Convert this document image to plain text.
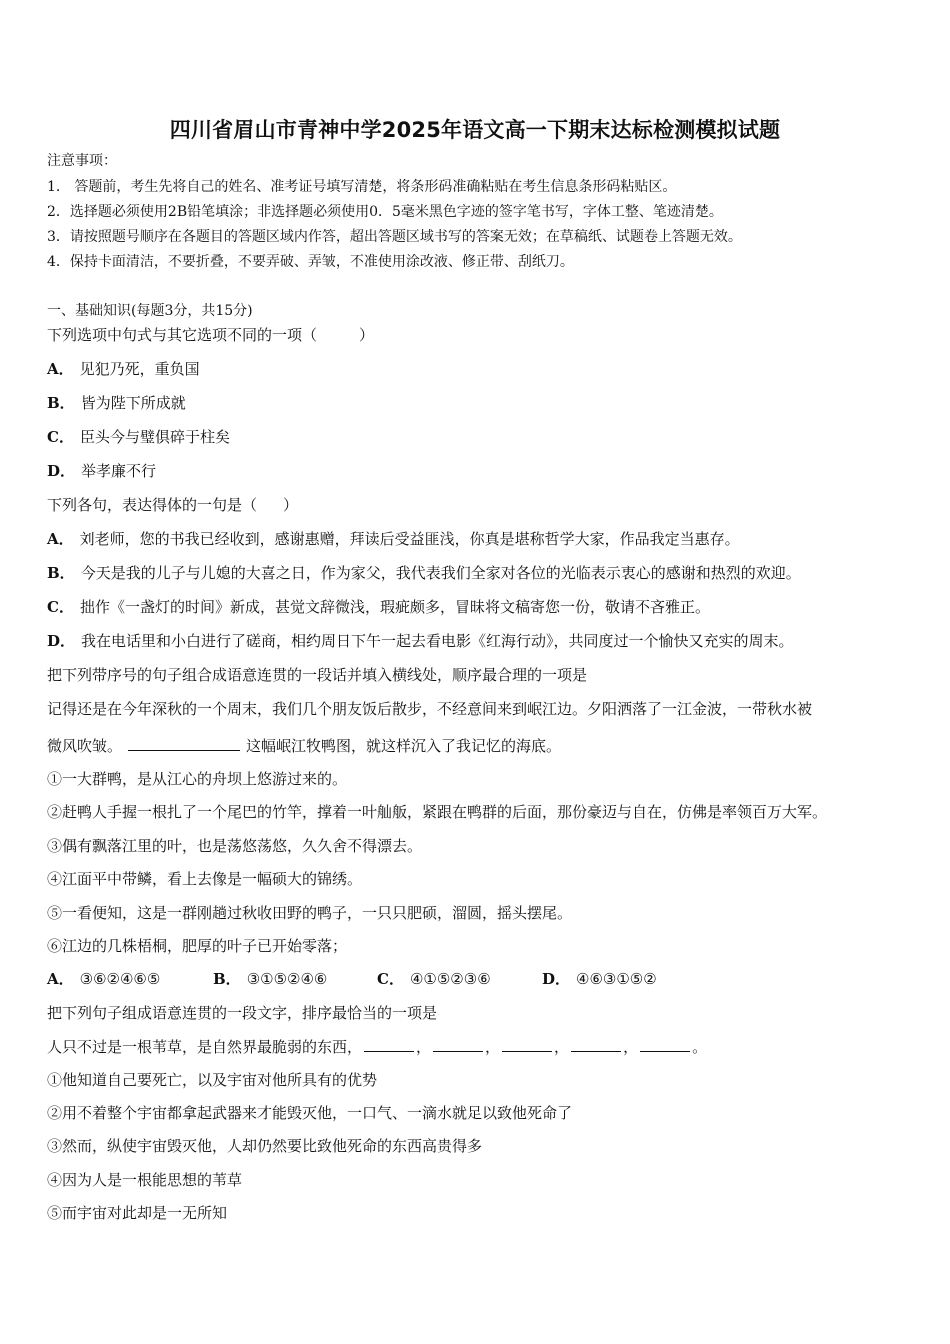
四川省眉山市青神中学2025年语文高一下期末达标检测模拟试题
注意事项：
1.　答题前，考生先将自己的姓名、准考证号填写清楚，将条形码准确粘贴在考生信息条形码粘贴区。
2．选择题必须使用2B铅笔填涂；非选择题必须使用0．5毫米黑色字迹的签字笔书写，字体工整、笔迹清楚。
3．请按照题号顺序在各题目的答题区域内作答，超出答题区域书写的答案无效；在草稿纸、试题卷上答题无效。
4．保持卡面清洁，不要折叠，不要弄破、弄皱，不准使用涂改液、修正带、刮纸刀。
一、基础知识(每题3分，共15分)
下列选项中句式与其它选项不同的一项（	）
A． 见犯乃死，重负国
B． 皆为陛下所成就
C． 臣头今与璧俱碎于柱矣
D． 举孝廉不行
下列各句，表达得体的一句是（ ）
A． 刘老师，您的书我已经收到，感谢惠赠，拜读后受益匪浅，你真是堪称哲学大家，作品我定当惠存。
B． 今天是我的儿子与儿媳的大喜之日，作为家父，我代表我们全家对各位的光临表示衷心的感谢和热烈的欢迎。
C． 拙作《一盏灯的时间》新成，甚觉文辞微浅，瑕疵颇多，冒昧将文稿寄您一份，敬请不吝雅正。
D． 我在电话里和小白进行了磋商，相约周日下午一起去看电影《红海行动》，共同度过一个愉快又充实的周末。
把下列带序号的句子组合成语意连贯的一段话并填入横线处，顺序最合理的一项是
记得还是在今年深秋的一个周末，我们几个朋友饭后散步，不经意间来到岷江边。夕阳洒落了一江金波，一带秋水被
微风吹皱。	这幅岷江牧鸭图，就这样沉入了我记忆的海底。
①一大群鸭，是从江心的舟坝上悠游过来的。
②赶鸭人手握一根扎了一个尾巴的竹竿，撑着一叶舢舨，紧跟在鸭群的后面，那份豪迈与自在，仿佛是率领百万大军。
③偶有飘落江里的叶，也是荡悠荡悠，久久舍不得漂去。
④江面平中带鳞，看上去像是一幅硕大的锦绣。
⑤一看便知，这是一群刚趟过秋收田野的鸭子，一只只肥硕，溜圆，摇头摆尾。
⑥江边的几株梧桐，肥厚的叶子已开始零落；
A． ③⑥②④⑥⑤	B． ③①⑤②④⑥	C． ④①⑤②③⑥	D． ④⑥③①⑤②
把下列句子组成语意连贯的一段文字，排序最恰当的一项是
人只不过是一根苇草，是自然界最脆弱的东西，	，	，	，	，	。
①他知道自己要死亡，以及宇宙对他所具有的优势
②用不着整个宇宙都拿起武器来才能毁灭他，一口气、一滴水就足以致他死命了
③然而，纵使宇宙毁灭他，人却仍然要比致他死命的东西高贵得多
④因为人是一根能思想的苇草
⑤而宇宙对此却是一无所知
